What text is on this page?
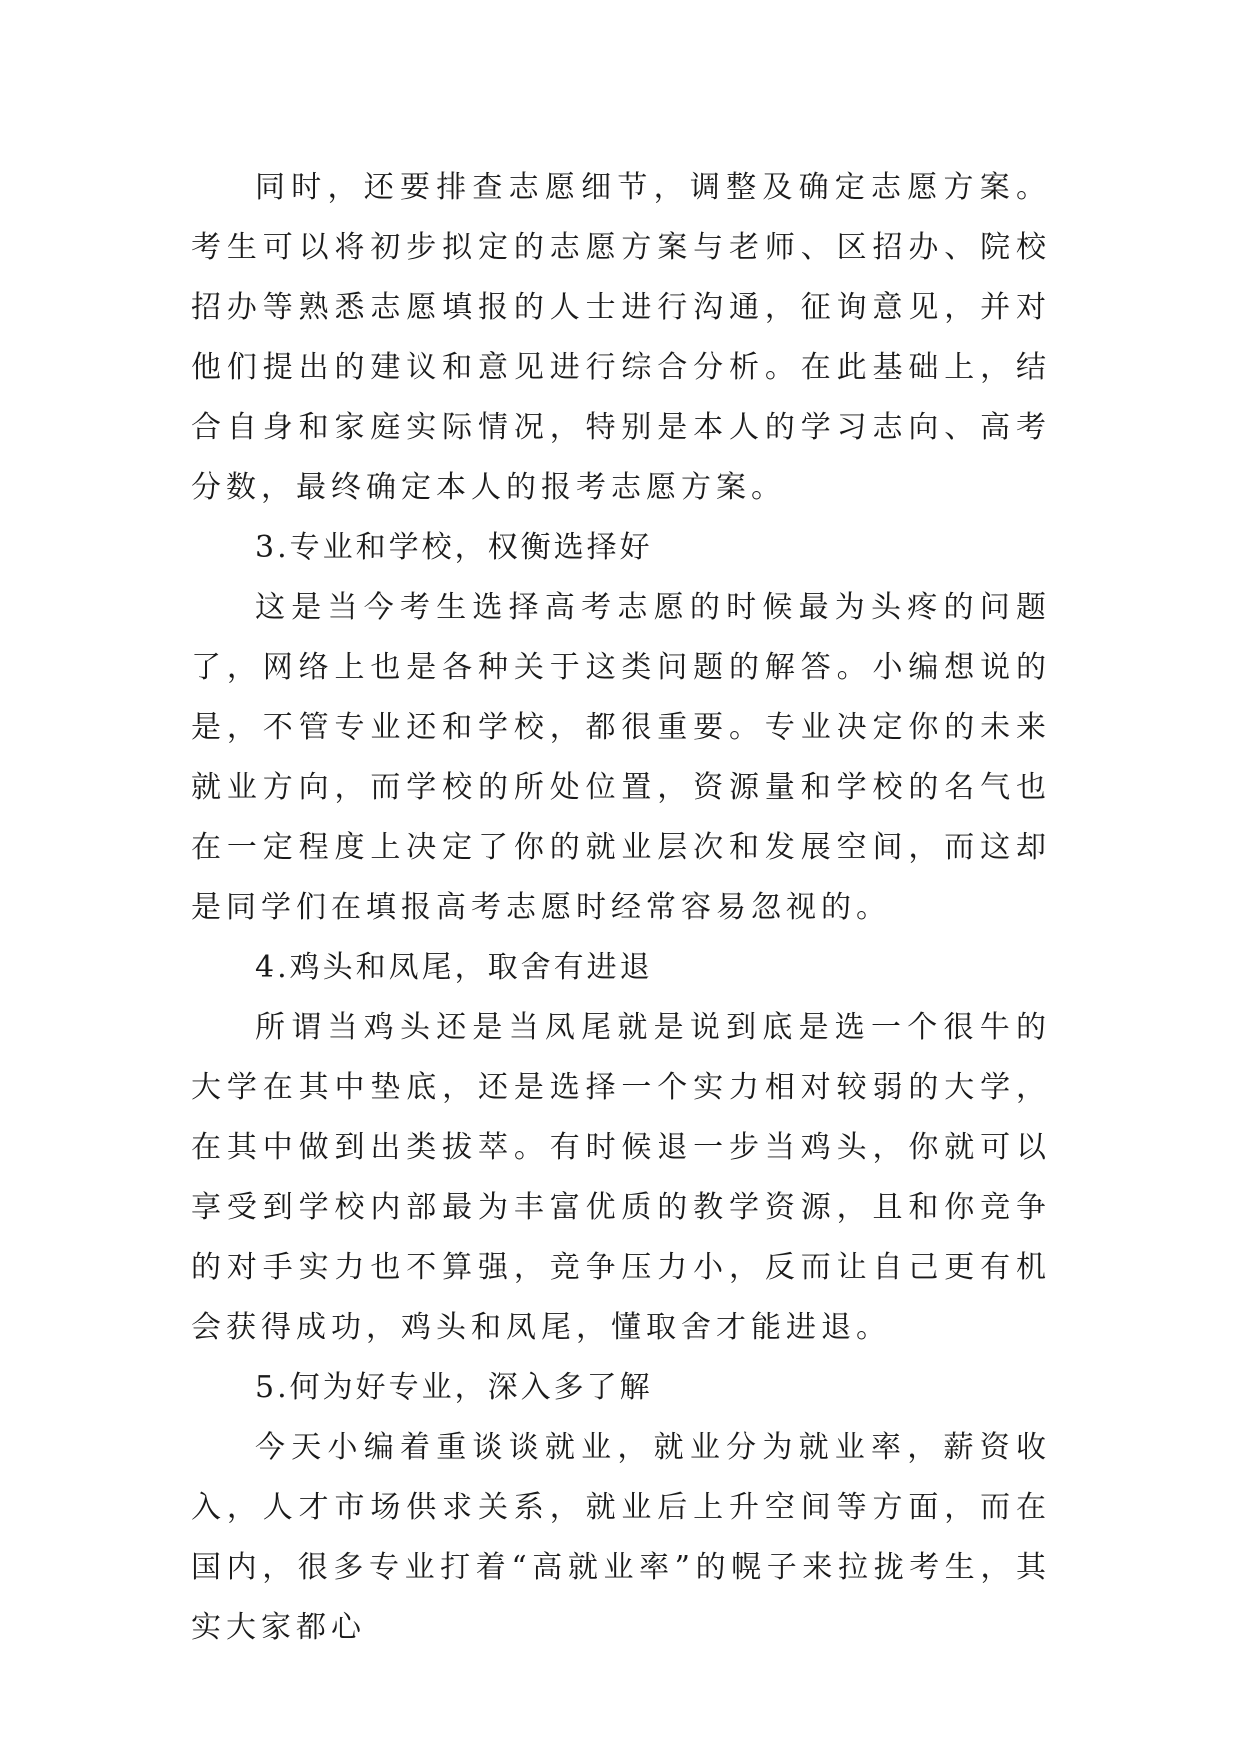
同时，还要排查志愿细节，调整及确定志愿方案。考生可以将初步拟定的志愿方案与老师、区招办、院校招办等熟悉志愿填报的人士进行沟通，征询意见，并对他们提出的建议和意见进行综合分析。在此基础上，结合自身和家庭实际情况，特别是本人的学习志向、高考分数，最终确定本人的报考志愿方案。

3.专业和学校，权衡选择好

这是当今考生选择高考志愿的时候最为头疼的问题了，网络上也是各种关于这类问题的解答。小编想说的是，不管专业还和学校，都很重要。专业决定你的未来就业方向，而学校的所处位置，资源量和学校的名气也在一定程度上决定了你的就业层次和发展空间，而这却是同学们在填报高考志愿时经常容易忽视的。

4.鸡头和凤尾，取舍有进退

所谓当鸡头还是当凤尾就是说到底是选一个很牛的大学在其中垫底，还是选择一个实力相对较弱的大学，在其中做到出类拔萃。有时候退一步当鸡头，你就可以享受到学校内部最为丰富优质的教学资源，且和你竞争的对手实力也不算强，竞争压力小，反而让自己更有机会获得成功，鸡头和凤尾，懂取舍才能进退。

5.何为好专业，深入多了解

今天小编着重谈谈就业，就业分为就业率，薪资收入，人才市场供求关系，就业后上升空间等方面，而在国内，很多专业打着“高就业率”的幌子来拉拢考生，其实大家都心
